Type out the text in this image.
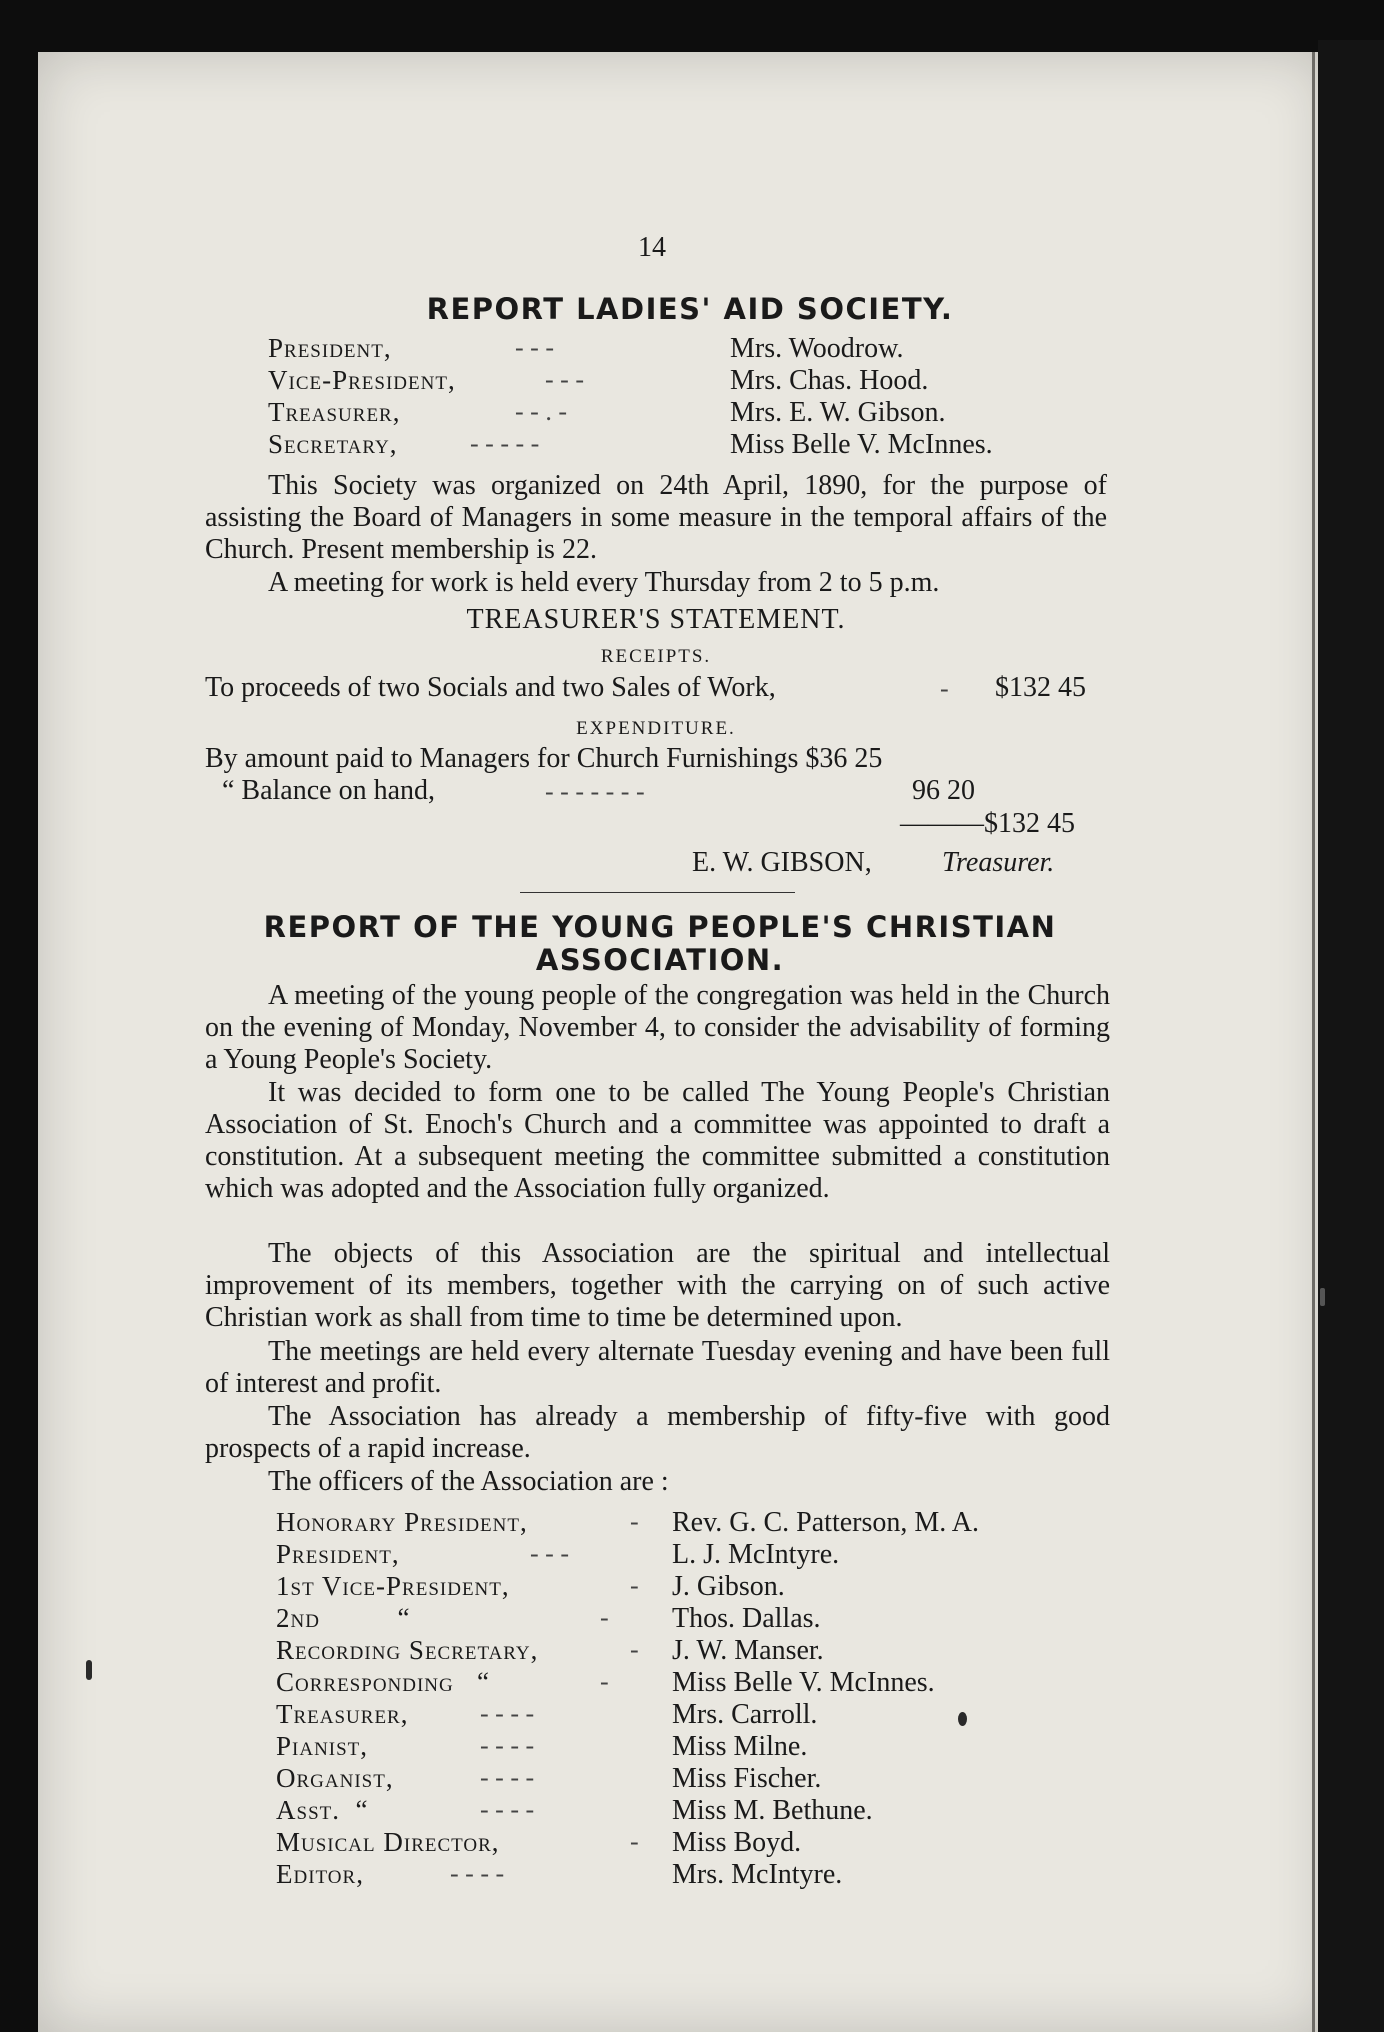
14
REPORT LADIES' AID SOCIETY.
President,	- - -	Mrs. Woodrow.
Vice-President,	- - -	Mrs. Chas. Hood.
Treasurer,	- - . -	Mrs. E. W. Gibson.
Secretary,	- - - - -	Miss Belle V. McInnes.
This Society was organized on 24th April, 1890, for the purpose of assisting the Board of Managers in some measure in the temporal affairs of the Church. Present membership is 22.
A meeting for work is held every Thursday from 2 to 5 p.m.
TREASURER'S STATEMENT.
RECEIPTS.
To proceeds of two Socials and two Sales of Work,	- $132 45
EXPENDITURE.
By amount paid to Managers for Church Furnishings $36 25
“ Balance on hand,	- - - - - - -	96 20
———$132 45
E. W. GIBSON,	Treasurer.
REPORT OF THE YOUNG PEOPLE'S CHRISTIAN
ASSOCIATION.
A meeting of the young people of the congregation was held in the Church on the evening of Monday, November 4, to consider the advisability of forming a Young People's Society.
It was decided to form one to be called The Young People's Christian Association of St. Enoch's Church and a committee was appointed to draft a constitution. At a subsequent meeting the committee submitted a constitution which was adopted and the Association fully organized.
The objects of this Association are the spiritual and intellectual improvement of its members, together with the carrying on of such active Christian work as shall from time to time be determined upon.
The meetings are held every alternate Tuesday evening and have been full of interest and profit.
The Association has already a membership of fifty-five with good prospects of a rapid increase.
The officers of the Association are :
Honorary President,	- Rev. G. C. Patterson, M. A.
President,	- - -	L. J. McIntyre.
1st Vice-President,	- J. Gibson.
2nd          “	- Thos. Dallas.
Recording Secretary,	- J. W. Manser.
Corresponding   “	- Miss Belle V. McInnes.
Treasurer,	- - - -	Mrs. Carroll.
Pianist,	- - - -	Miss Milne.
Organist,	- - - -	Miss Fischer.
Asst.  “	- - - -	Miss M. Bethune.
Musical Director,	- Miss Boyd.
Editor,	- - - -	Mrs. McIntyre.
